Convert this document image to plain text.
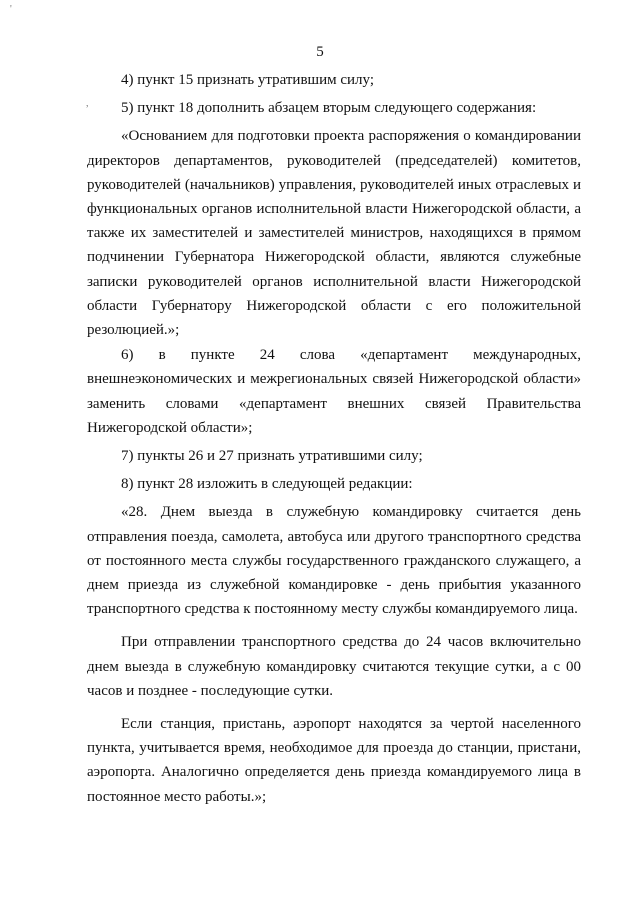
5
'
,

4) пункт 15 признать утратившим силу;

5) пункт 18 дополнить абзацем вторым следующего содержания:

«Основанием для подготовки проекта распоряжения о командировании директоров департаментов, руководителей (председателей) комитетов, руководителей (начальников) управления, руководителей иных отраслевых и функциональных органов исполнительной власти Нижегородской области, а также их заместителей и заместителей министров, находящихся в прямом подчинении Губернатора Нижегородской области, являются служебные записки руководителей органов исполнительной власти Нижегородской области Губернатору Нижегородской области с его положительной резолюцией.»;

6) в пункте 24 слова «департамент международных, внешнеэкономических и межрегиональных связей Нижегородской области» заменить словами «департамент внешних связей Правительства Нижегородской области»;

7) пункты 26 и 27 признать утратившими силу;

8) пункт 28 изложить в следующей редакции:

«28. Днем выезда в служебную командировку считается день отправления поезда, самолета, автобуса или другого транспортного средства от постоянного места службы государственного гражданского служащего, а днем приезда из служебной командировке - день прибытия указанного транспортного средства к постоянному месту службы командируемого лица.

При отправлении транспортного средства до 24 часов включительно днем выезда в служебную командировку считаются текущие сутки, а с 00 часов и позднее - последующие сутки.

Если станция, пристань, аэропорт находятся за чертой населенного пункта, учитывается время, необходимое для проезда до станции, пристани, аэропорта. Аналогично определяется день приезда командируемого лица в постоянное место работы.»;
